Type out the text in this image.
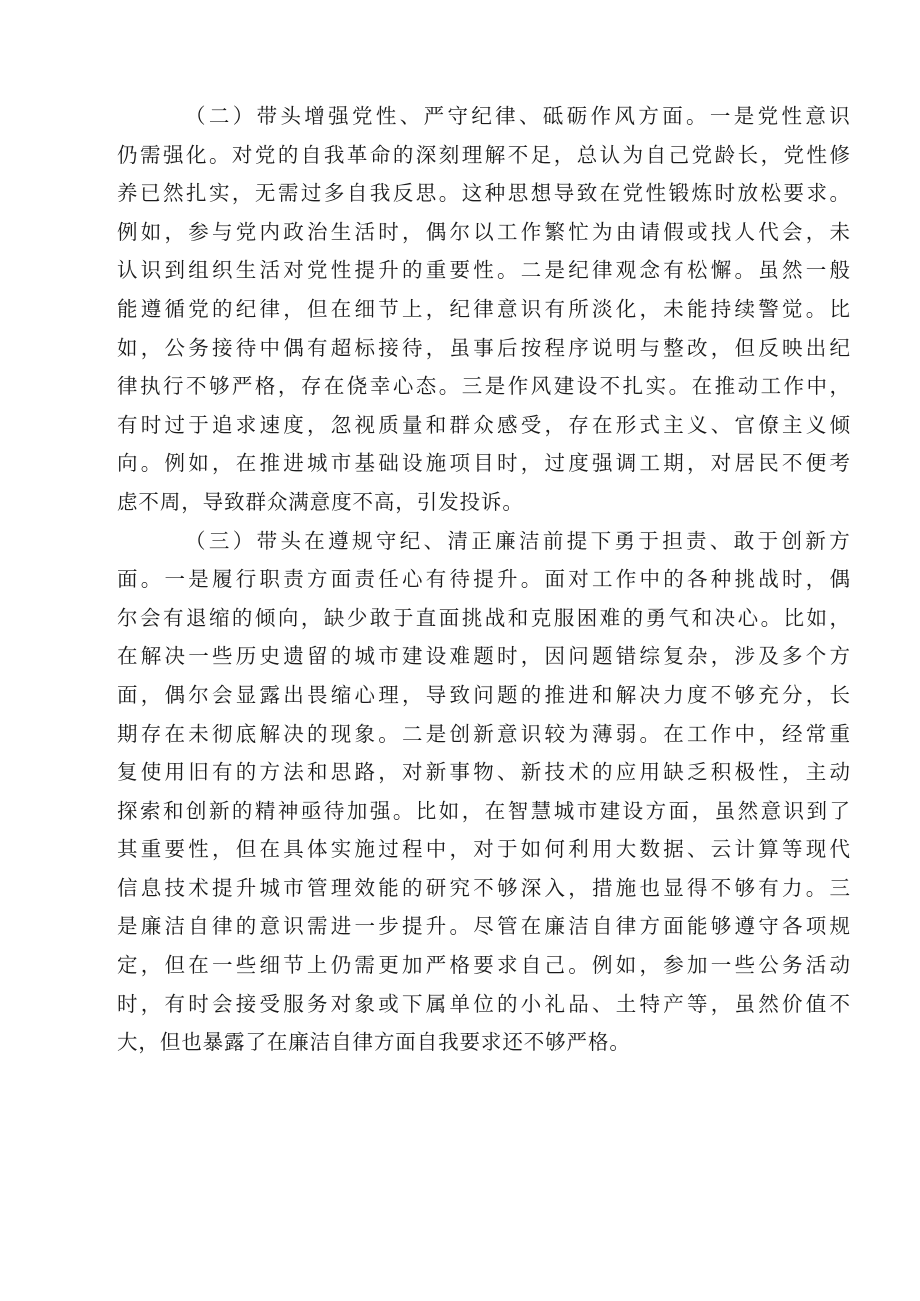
（ 二 ） 带 头 增 强 党 性 、 严 守 纪 律 、 砥 砺 作 风 方 面 。 一 是 党 性 意 识
仍 需 强 化 。 对 党 的 自 我 革 命 的 深 刻 理 解 不 足 ， 总 认 为 自 己 党 龄 长 ， 党 性 修
养 已 然 扎 实 ， 无 需 过 多 自 我 反 思 。 这 种 思 想 导 致 在 党 性 锻 炼 时 放 松 要 求 。
例 如 ， 参 与 党 内 政 治 生 活 时 ， 偶 尔 以 工 作 繁 忙 为 由 请 假 或 找 人 代 会 ， 未
认 识 到 组 织 生 活 对 党 性 提 升 的 重 要 性 。 二 是 纪 律 观 念 有 松 懈 。 虽 然 一 般
能 遵 循 党 的 纪 律 ， 但 在 细 节 上 ， 纪 律 意 识 有 所 淡 化 ， 未 能 持 续 警 觉 。 比
如 ， 公 务 接 待 中 偶 有 超 标 接 待 ， 虽 事 后 按 程 序 说 明 与 整 改 ， 但 反 映 出 纪
律 执 行 不 够 严 格 ， 存 在 侥 幸 心 态 。 三 是 作 风 建 设 不 扎 实 。 在 推 动 工 作 中 ，
有 时 过 于 追 求 速 度 ， 忽 视 质 量 和 群 众 感 受 ， 存 在 形 式 主 义 、 官 僚 主 义 倾
向 。 例 如 ， 在 推 进 城 市 基 础 设 施 项 目 时 ， 过 度 强 调 工 期 ， 对 居 民 不 便 考
虑 不 周 ， 导 致 群 众 满 意 度 不 高 ， 引 发 投 诉 。
（ 三 ） 带 头 在 遵 规 守 纪 、 清 正 廉 洁 前 提 下 勇 于 担 责 、 敢 于 创 新 方
面 。 一 是 履 行 职 责 方 面 责 任 心 有 待 提 升 。 面 对 工 作 中 的 各 种 挑 战 时 ， 偶
尔 会 有 退 缩 的 倾 向 ， 缺 少 敢 于 直 面 挑 战 和 克 服 困 难 的 勇 气 和 决 心 。 比 如 ，
在 解 决 一 些 历 史 遗 留 的 城 市 建 设 难 题 时 ， 因 问 题 错 综 复 杂 ， 涉 及 多 个 方
面 ， 偶 尔 会 显 露 出 畏 缩 心 理 ， 导 致 问 题 的 推 进 和 解 决 力 度 不 够 充 分 ， 长
期 存 在 未 彻 底 解 决 的 现 象 。 二 是 创 新 意 识 较 为 薄 弱 。 在 工 作 中 ， 经 常 重
复 使 用 旧 有 的 方 法 和 思 路 ， 对 新 事 物 、 新 技 术 的 应 用 缺 乏 积 极 性 ， 主 动
探 索 和 创 新 的 精 神 亟 待 加 强 。 比 如 ， 在 智 慧 城 市 建 设 方 面 ， 虽 然 意 识 到 了
其 重 要 性 ， 但 在 具 体 实 施 过 程 中 ， 对 于 如 何 利 用 大 数 据 、 云 计 算 等 现 代
信 息 技 术 提 升 城 市 管 理 效 能 的 研 究 不 够 深 入 ， 措 施 也 显 得 不 够 有 力 。 三
是 廉 洁 自 律 的 意 识 需 进 一 步 提 升 。 尽 管 在 廉 洁 自 律 方 面 能 够 遵 守 各 项 规
定 ， 但 在 一 些 细 节 上 仍 需 更 加 严 格 要 求 自 己 。 例 如 ， 参 加 一 些 公 务 活 动
时 ， 有 时 会 接 受 服 务 对 象 或 下 属 单 位 的 小 礼 品 、 土 特 产 等 ， 虽 然 价 值 不
大 ， 但 也 暴 露 了 在 廉 洁 自 律 方 面 自 我 要 求 还 不 够 严 格 。
